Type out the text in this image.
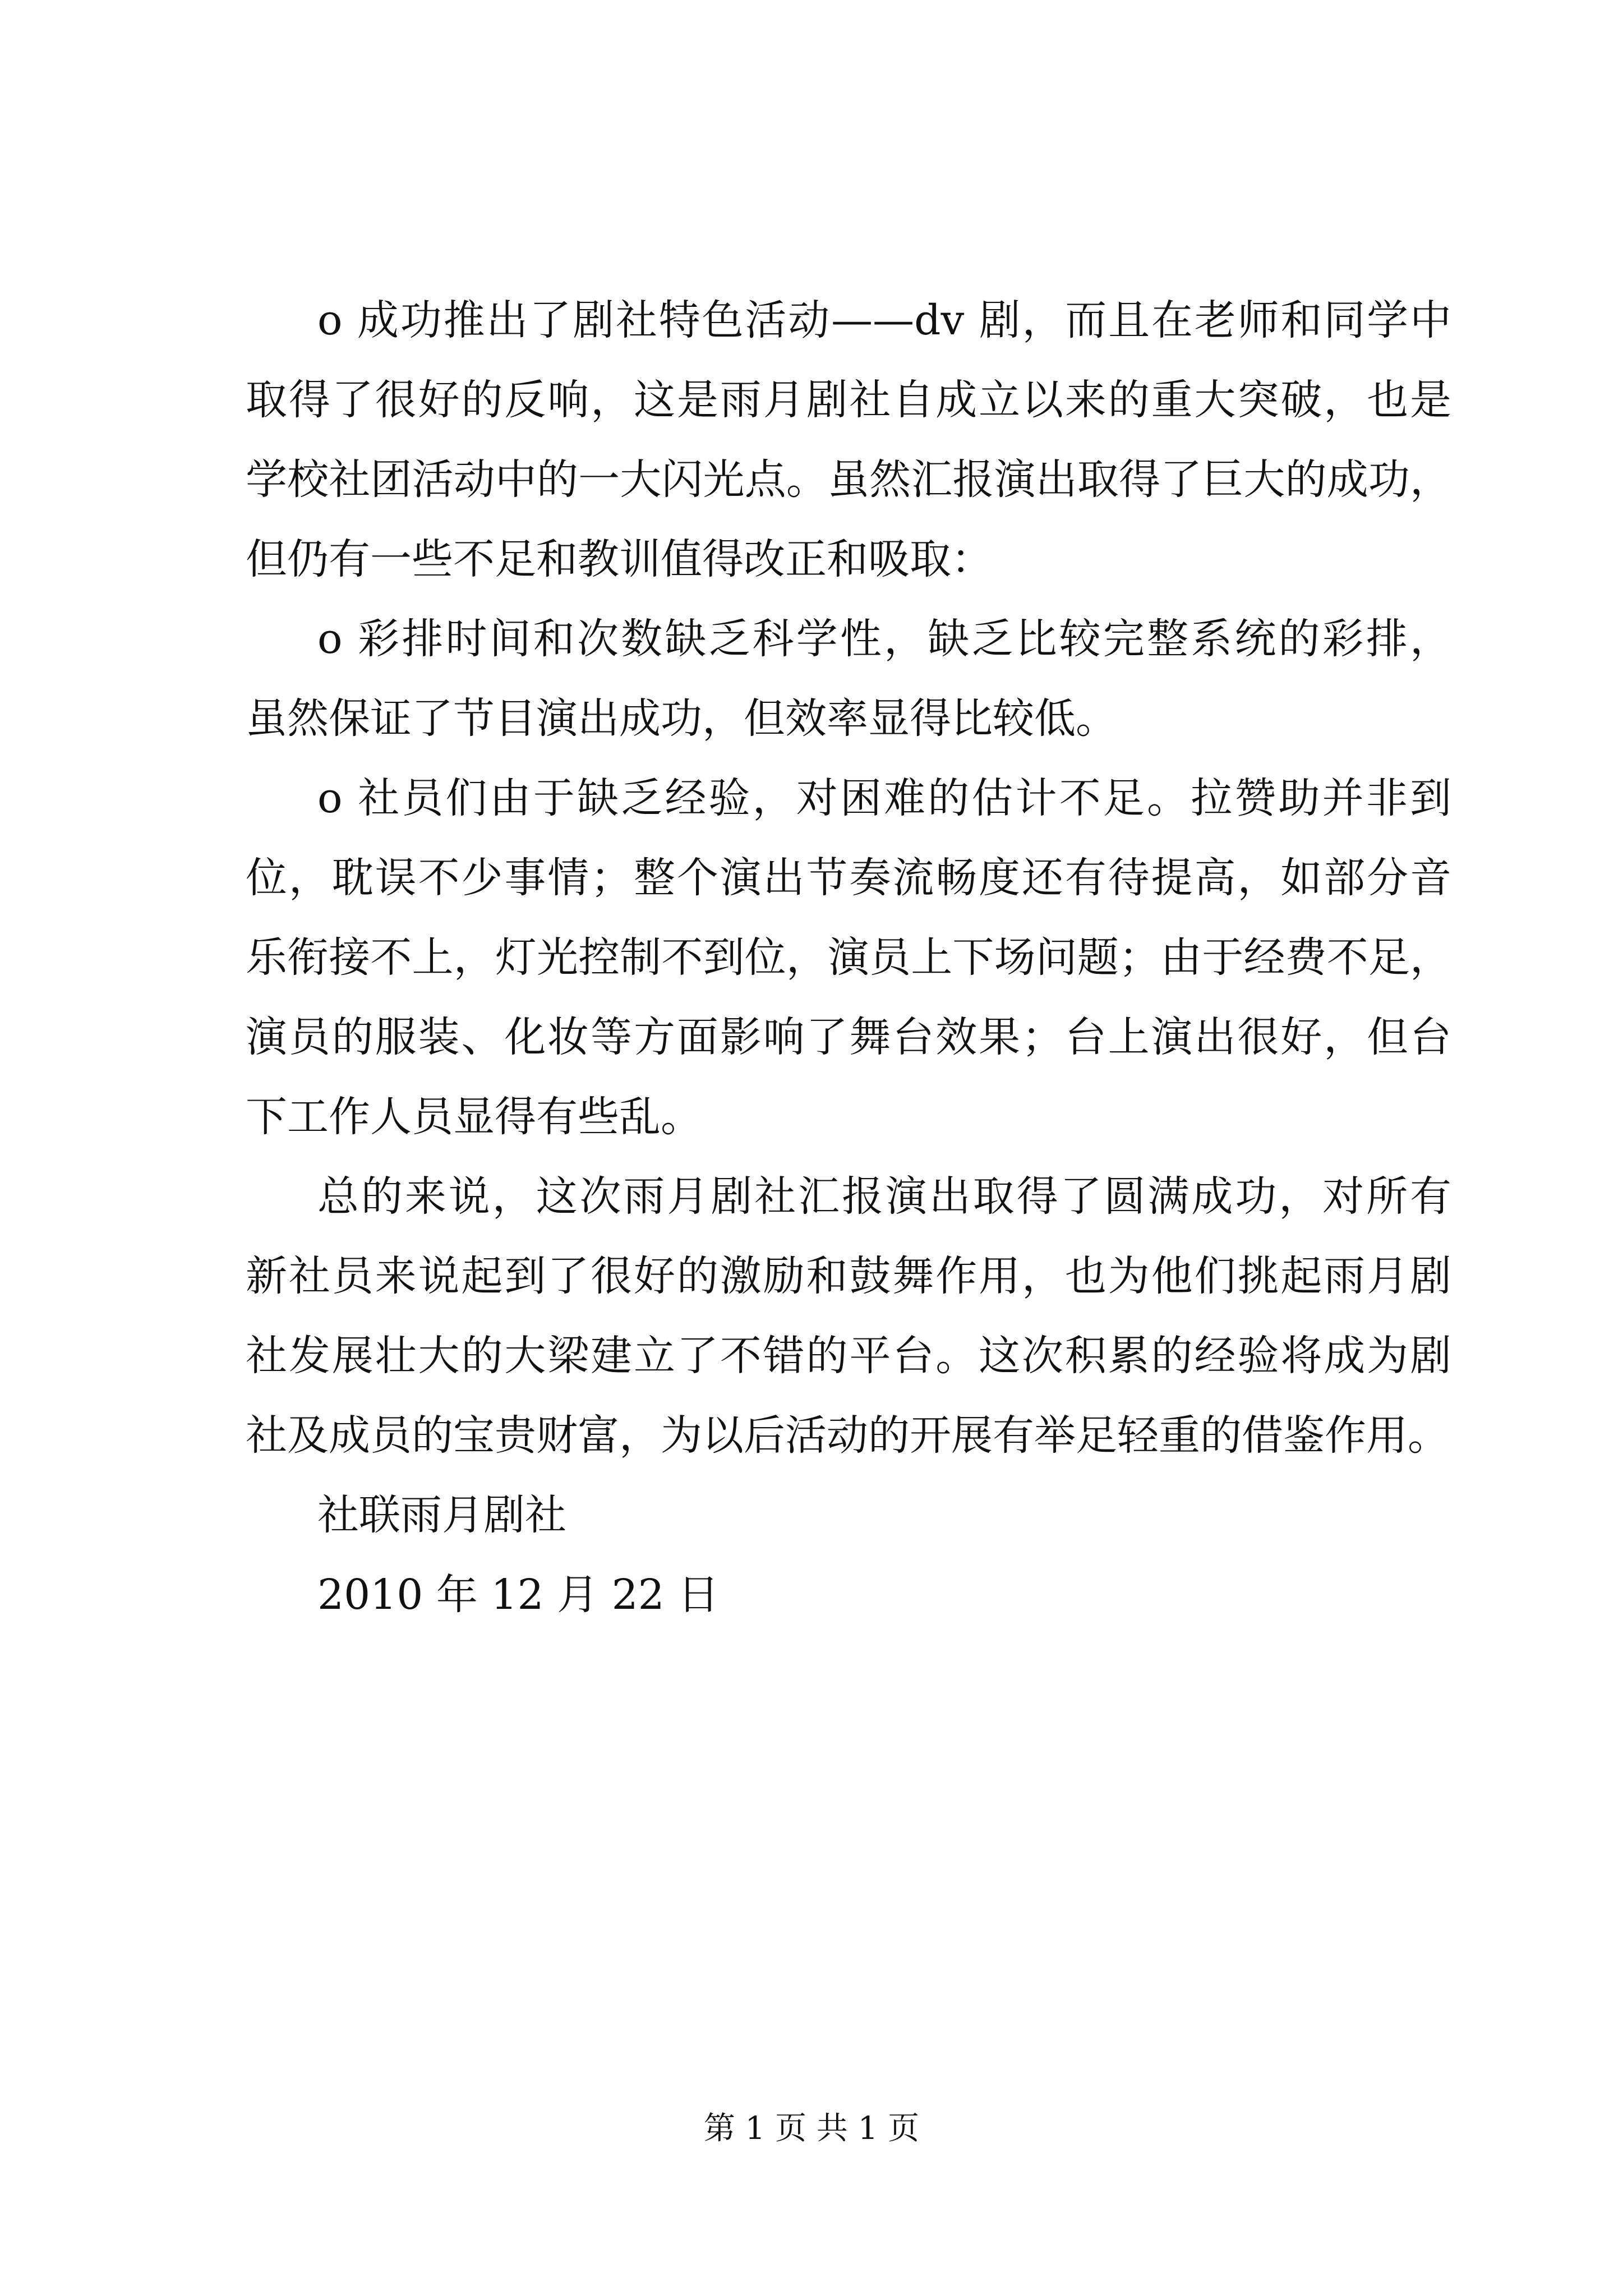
o 成功推出了剧社特色活动——dv 剧，而且在老师和同学中
取得了很好的反响，这是雨月剧社自成立以来的重大突破，也是
学校社团活动中的一大闪光点。虽然汇报演出取得了巨大的成功，
但仍有一些不足和教训值得改正和吸取：
o 彩排时间和次数缺乏科学性，缺乏比较完整系统的彩排，
虽然保证了节目演出成功，但效率显得比较低。
o 社员们由于缺乏经验，对困难的估计不足。拉赞助并非到
位，耽误不少事情；整个演出节奏流畅度还有待提高，如部分音
乐衔接不上，灯光控制不到位，演员上下场问题；由于经费不足，
演员的服装、化妆等方面影响了舞台效果；台上演出很好，但台
下工作人员显得有些乱。
总的来说，这次雨月剧社汇报演出取得了圆满成功，对所有
新社员来说起到了很好的激励和鼓舞作用，也为他们挑起雨月剧
社发展壮大的大梁建立了不错的平台。这次积累的经验将成为剧
社及成员的宝贵财富，为以后活动的开展有举足轻重的借鉴作用。
社联雨月剧社
2010 年 12 月 22 日
第 1 页 共 1 页
